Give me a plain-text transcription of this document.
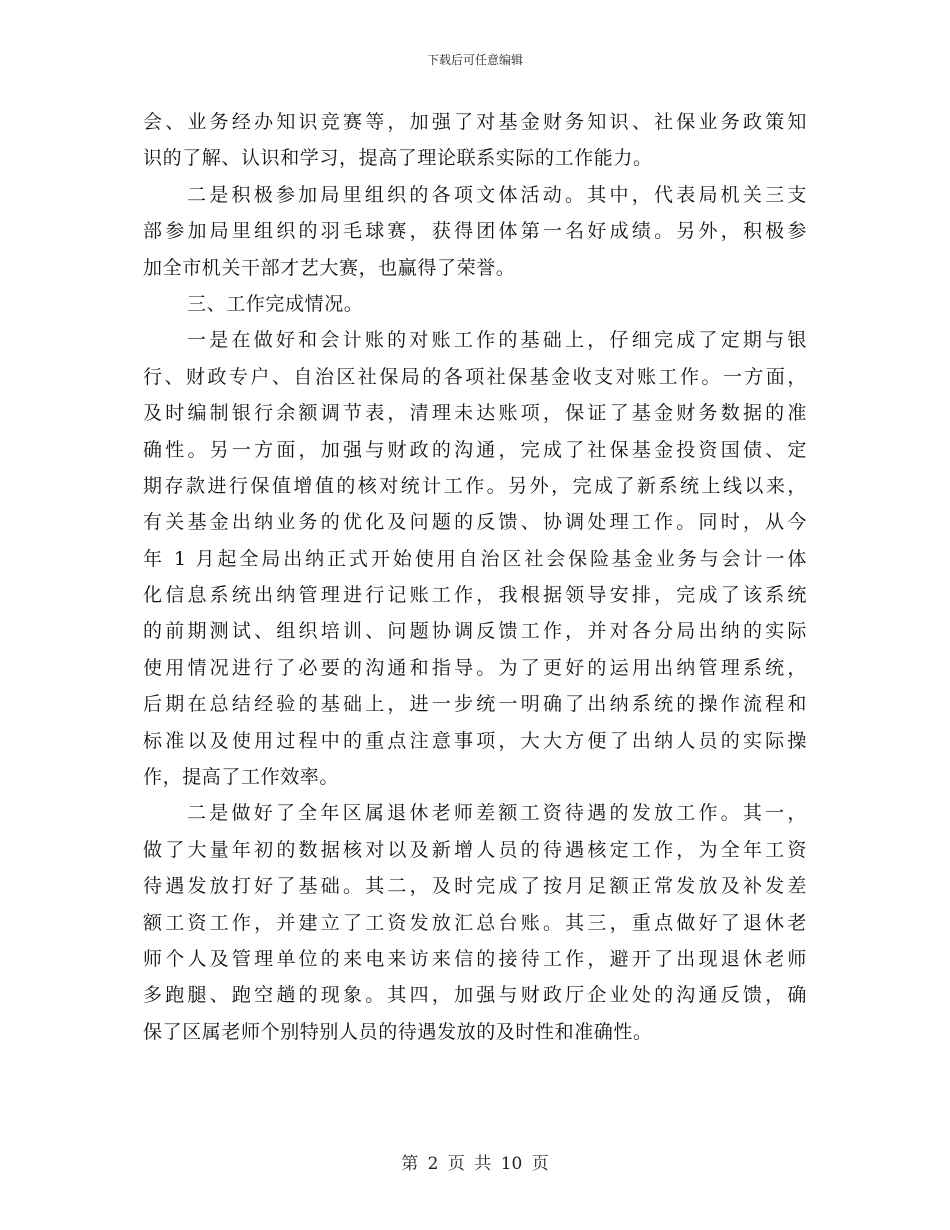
下载后可任意编辑
会、业务经办知识竞赛等，加强了对基金财务知识、社保业务政策知
识的了解、认识和学习，提高了理论联系实际的工作能力。
二是积极参加局里组织的各项文体活动。其中，代表局机关三支
部参加局里组织的羽毛球赛，获得团体第一名好成绩。另外，积极参
加全市机关干部才艺大赛，也赢得了荣誉。
三、工作完成情况。
一是在做好和会计账的对账工作的基础上，仔细完成了定期与银
行、财政专户、自治区社保局的各项社保基金收支对账工作。一方面，
及时编制银行余额调节表，清理未达账项，保证了基金财务数据的准
确性。另一方面，加强与财政的沟通，完成了社保基金投资国债、定
期存款进行保值增值的核对统计工作。另外，完成了新系统上线以来，
有关基金出纳业务的优化及问题的反馈、协调处理工作。同时，从今
年 1 月起全局出纳正式开始使用自治区社会保险基金业务与会计一体
化信息系统出纳管理进行记账工作，我根据领导安排，完成了该系统
的前期测试、组织培训、问题协调反馈工作，并对各分局出纳的实际
使用情况进行了必要的沟通和指导。为了更好的运用出纳管理系统，
后期在总结经验的基础上，进一步统一明确了出纳系统的操作流程和
标准以及使用过程中的重点注意事项，大大方便了出纳人员的实际操
作，提高了工作效率。
二是做好了全年区属退休老师差额工资待遇的发放工作。其一，
做了大量年初的数据核对以及新增人员的待遇核定工作，为全年工资
待遇发放打好了基础。其二，及时完成了按月足额正常发放及补发差
额工资工作，并建立了工资发放汇总台账。其三，重点做好了退休老
师个人及管理单位的来电来访来信的接待工作，避开了出现退休老师
多跑腿、跑空趟的现象。其四，加强与财政厅企业处的沟通反馈，确
保了区属老师个别特别人员的待遇发放的及时性和准确性。
第 2 页 共 10 页
